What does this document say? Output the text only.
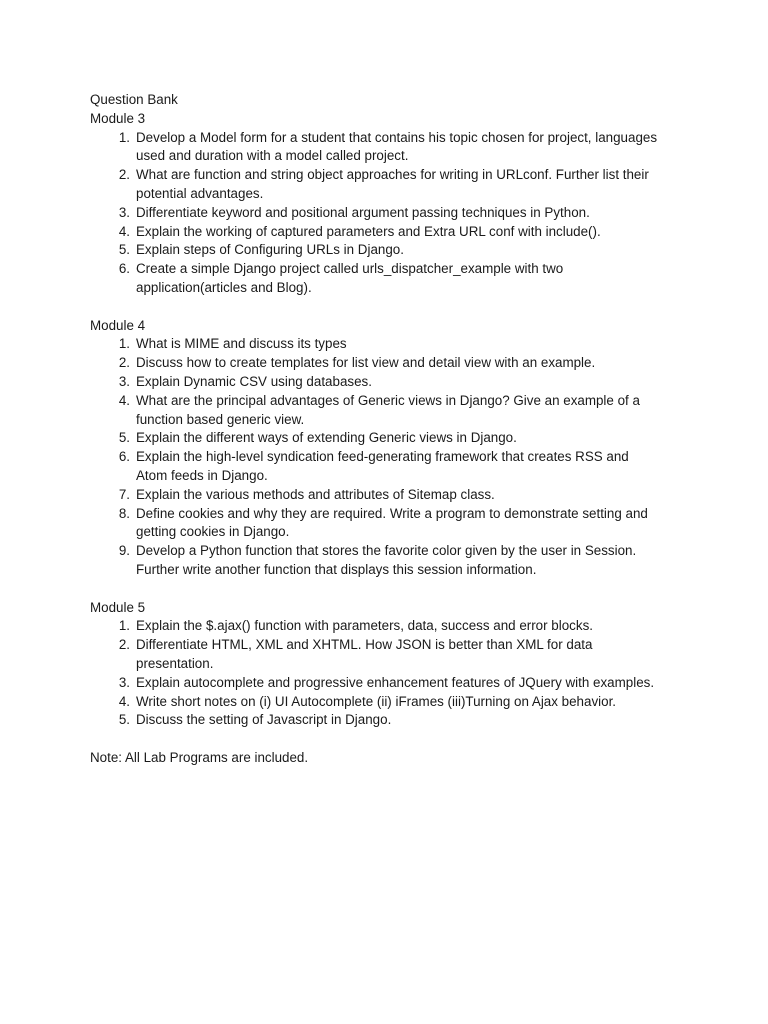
Question Bank
Module 3
1. Develop a Model form for a student that contains his topic chosen for project, languages
used and duration with a model called project.
2. What are function and string object approaches for writing in URLconf. Further list their
potential advantages.
3. Differentiate keyword and positional argument passing techniques in Python.
4. Explain the working of captured parameters and Extra URL conf with include().
5. Explain steps of Configuring URLs in Django.
6. Create a simple Django project called urls_dispatcher_example with two
application(articles and Blog).
Module 4
1. What is MIME and discuss its types
2. Discuss how to create templates for list view and detail view with an example.
3. Explain Dynamic CSV using databases.
4. What are the principal advantages of Generic views in Django? Give an example of a
function based generic view.
5. Explain the different ways of extending Generic views in Django.
6. Explain the high-level syndication feed-generating framework that creates RSS and
Atom feeds in Django.
7. Explain the various methods and attributes of Sitemap class.
8. Define cookies and why they are required. Write a program to demonstrate setting and
getting cookies in Django.
9. Develop a Python function that stores the favorite color given by the user in Session.
Further write another function that displays this session information.
Module 5
1. Explain the $.ajax() function with parameters, data, success and error blocks.
2. Differentiate HTML, XML and XHTML. How JSON is better than XML for data
presentation.
3. Explain autocomplete and progressive enhancement features of JQuery with examples.
4. Write short notes on (i) UI Autocomplete (ii) iFrames (iii)Turning on Ajax behavior.
5. Discuss the setting of Javascript in Django.
Note: All Lab Programs are included.
